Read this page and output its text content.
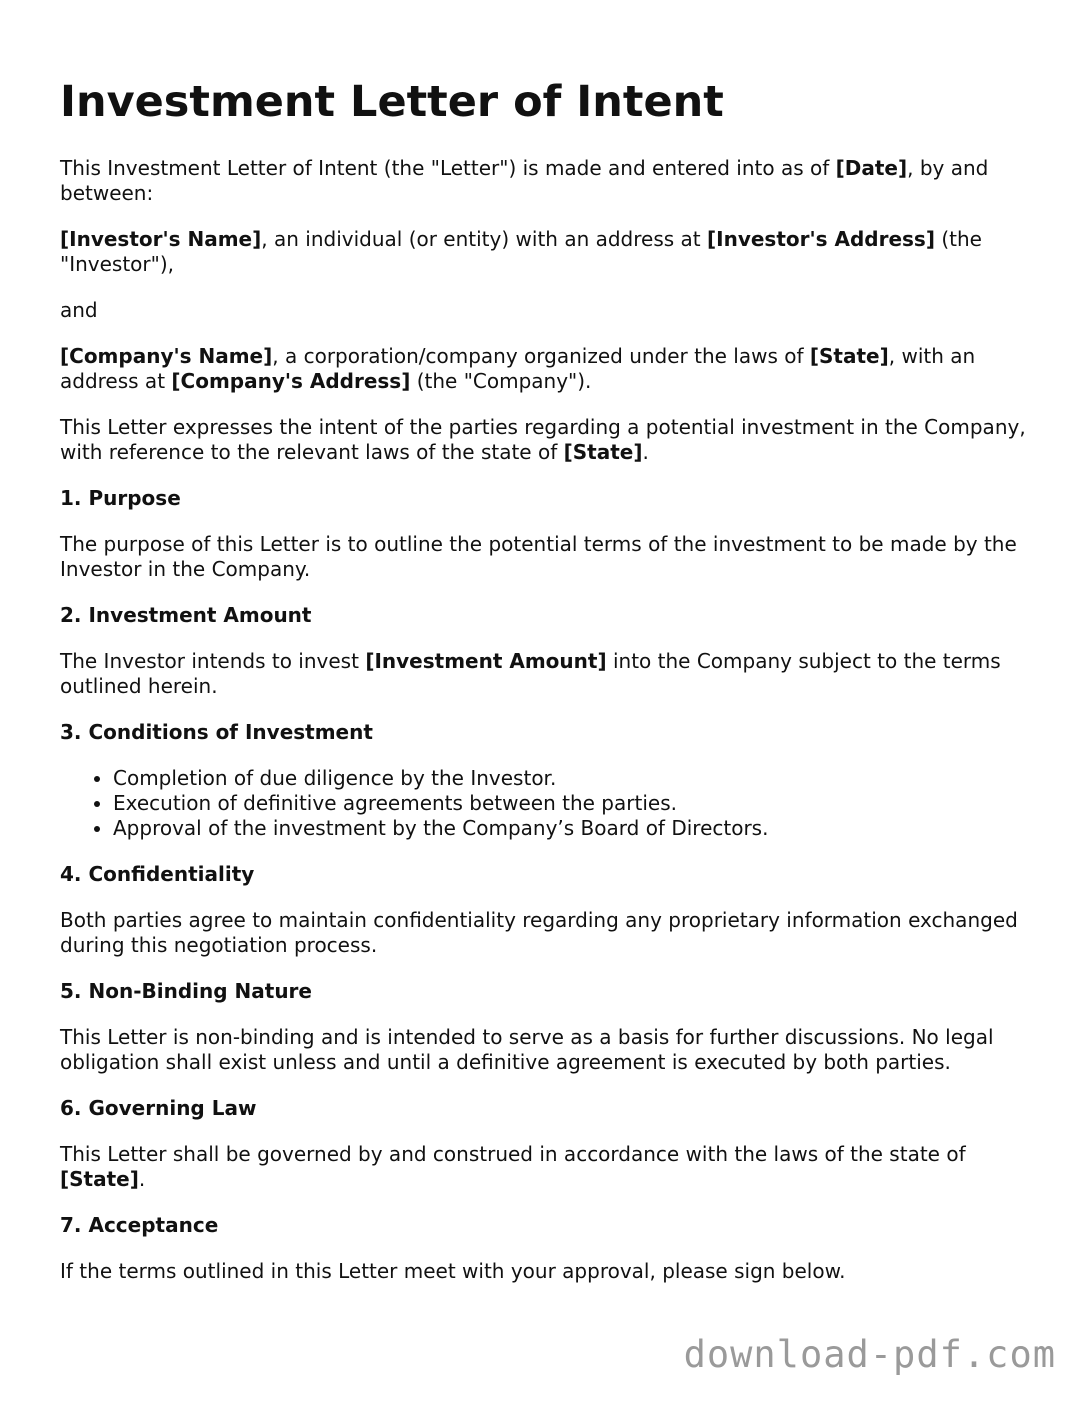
Investment Letter of Intent

This Investment Letter of Intent (the "Letter") is made and entered into as of [Date], by and between:

[Investor's Name], an individual (or entity) with an address at [Investor's Address] (the "Investor"),

and

[Company's Name], a corporation/company organized under the laws of [State], with an address at [Company's Address] (the "Company").

This Letter expresses the intent of the parties regarding a potential investment in the Company, with reference to the relevant laws of the state of [State].

1. Purpose

The purpose of this Letter is to outline the potential terms of the investment to be made by the Investor in the Company.

2. Investment Amount

The Investor intends to invest [Investment Amount] into the Company subject to the terms outlined herein.

3. Conditions of Investment
• Completion of due diligence by the Investor.
• Execution of definitive agreements between the parties.
• Approval of the investment by the Company’s Board of Directors.
4. Confidentiality

Both parties agree to maintain confidentiality regarding any proprietary information exchanged during this negotiation process.

5. Non-Binding Nature

This Letter is non-binding and is intended to serve as a basis for further discussions. No legal obligation shall exist unless and until a definitive agreement is executed by both parties.

6. Governing Law

This Letter shall be governed by and construed in accordance with the laws of the state of [State].

7. Acceptance

If the terms outlined in this Letter meet with your approval, please sign below.

download-pdf.com
